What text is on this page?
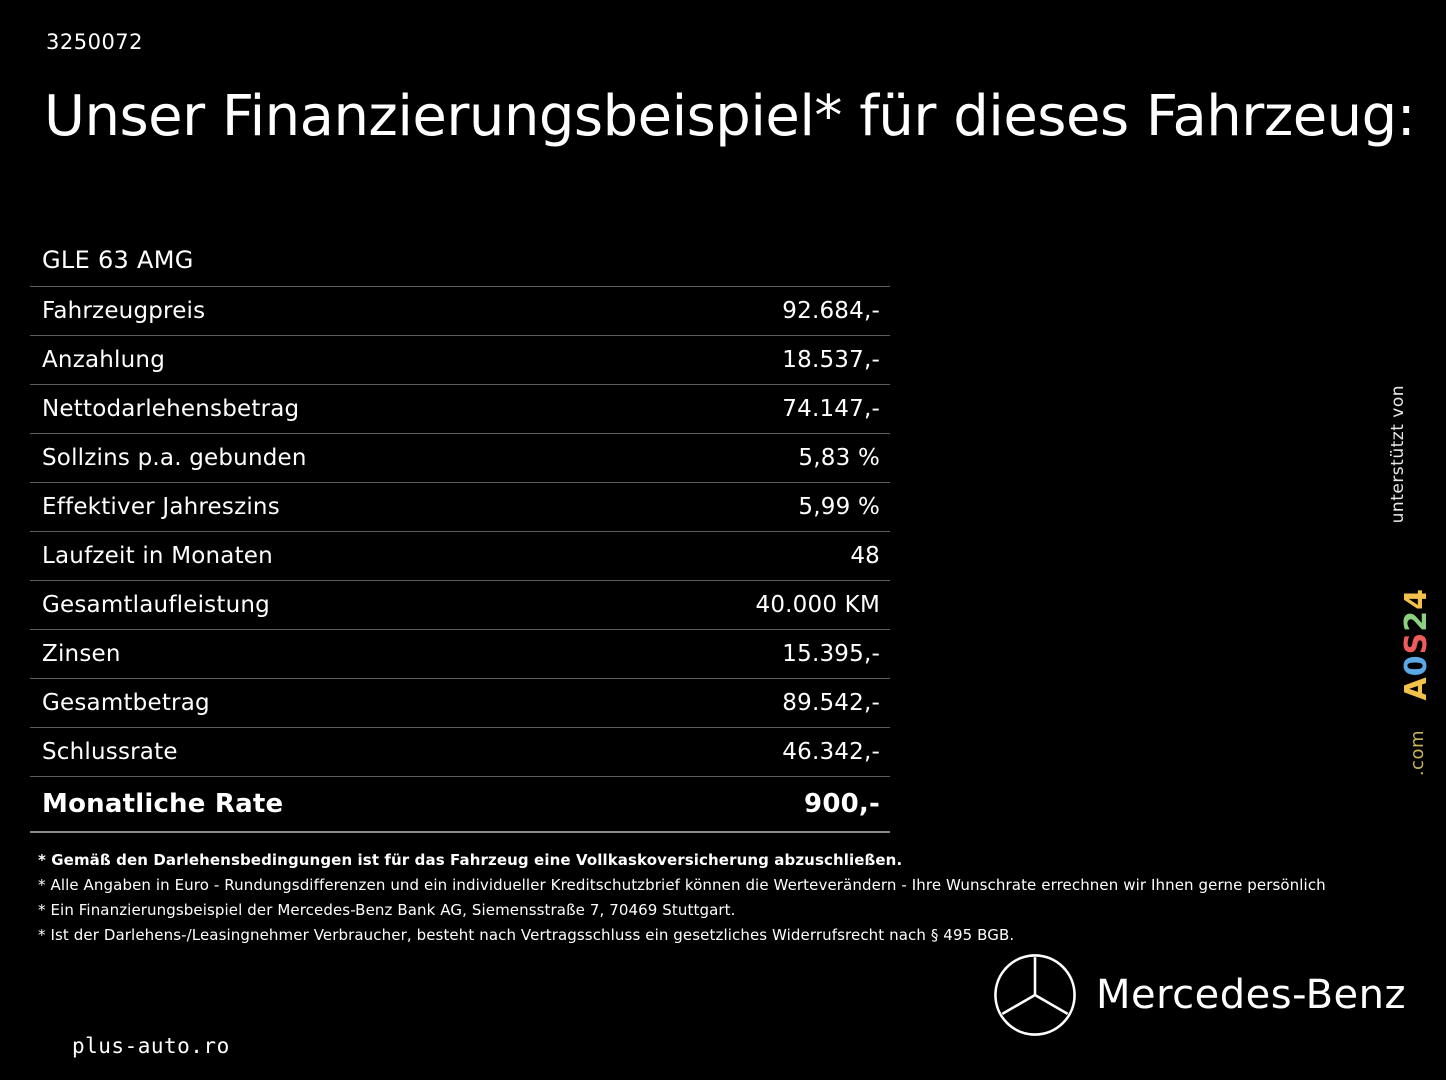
3250072
Unser Finanzierungsbeispiel* für dieses Fahrzeug:
GLE 63 AMG
Fahrzeugpreis	92.684,-
Anzahlung	18.537,-
Nettodarlehensbetrag	74.147,-
Sollzins p.a. gebunden	5,83 %
Effektiver Jahreszins	5,99 %
Laufzeit in Monaten	48
Gesamtlaufleistung	40.000 KM
Zinsen	15.395,-
Gesamtbetrag	89.542,-
Schlussrate	46.342,-
Monatliche Rate	900,-
* Gemäß den Darlehensbedingungen ist für das Fahrzeug eine Vollkaskoversicherung abzuschließen.
* Alle Angaben in Euro - Rundungsdifferenzen und ein individueller Kreditschutzbrief können die Werteverändern - Ihre Wunschrate errechnen wir Ihnen gerne persönlich
* Ein Finanzierungsbeispiel der Mercedes-Benz Bank AG, Siemensstraße 7, 70469 Stuttgart.
* Ist der Darlehens-/Leasingnehmer Verbraucher, besteht nach Vertragsschluss ein gesetzliches Widerrufsrecht nach § 495 BGB.
unterstützt von
A0S24
.com
Mercedes-Benz
plus-auto.ro
